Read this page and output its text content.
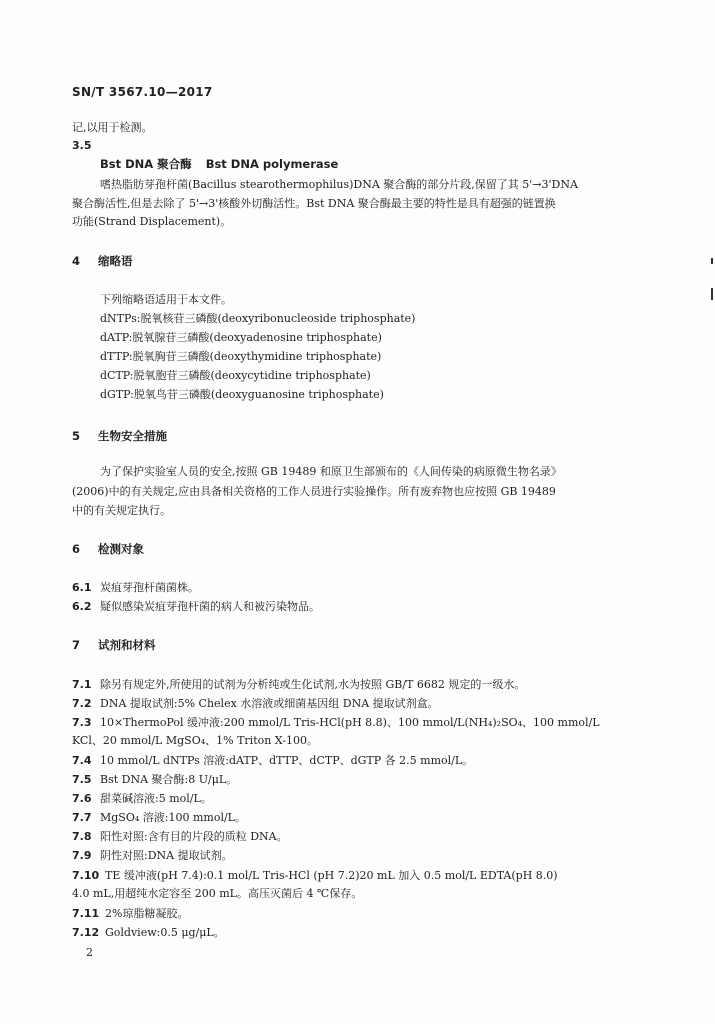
SN/T 3567.10—2017
记,以用于检测。
3.5
Bst DNA 聚合酶 Bst DNA polymerase
嗜热脂肪芽孢杆菌(Bacillus stearothermophilus)DNA 聚合酶的部分片段,保留了其 5'→3'DNA
聚合酶活性,但是去除了 5'→3'核酸外切酶活性。Bst DNA 聚合酶最主要的特性是具有超强的链置换
功能(Strand Displacement)。
4 缩略语
下列缩略语适用于本文件。
dNTPs:脱氧核苷三磷酸(deoxyribonucleoside triphosphate)
dATP:脱氧腺苷三磷酸(deoxyadenosine triphosphate)
dTTP:脱氧胸苷三磷酸(deoxythymidine triphosphate)
dCTP:脱氧胞苷三磷酸(deoxycytidine triphosphate)
dGTP:脱氧鸟苷三磷酸(deoxyguanosine triphosphate)
5 生物安全措施
为了保护实验室人员的安全,按照 GB 19489 和原卫生部颁布的《人间传染的病原微生物名录》
(2006)中的有关规定,应由具备相关资格的工作人员进行实验操作。所有废弃物也应按照 GB 19489
中的有关规定执行。
6 检测对象
6.1 炭疽芽孢杆菌菌株。
6.2 疑似感染炭疽芽孢杆菌的病人和被污染物品。
7 试剂和材料
7.1 除另有规定外,所使用的试剂为分析纯或生化试剂,水为按照 GB/T 6682 规定的一级水。
7.2 DNA 提取试剂:5% Chelex 水溶液或细菌基因组 DNA 提取试剂盒。
7.3 10×ThermoPol 缓冲液:200 mmol/L Tris-HCl(pH 8.8)、100 mmol/L(NH₄)₂SO₄、100 mmol/L
KCl、20 mmol/L MgSO₄、1% Triton X-100。
7.4 10 mmol/L dNTPs 溶液:dATP、dTTP、dCTP、dGTP 各 2.5 mmol/L。
7.5 Bst DNA 聚合酶:8 U/μL。
7.6 甜菜碱溶液:5 mol/L。
7.7 MgSO₄ 溶液:100 mmol/L。
7.8 阳性对照:含有目的片段的质粒 DNA。
7.9 阴性对照:DNA 提取试剂。
7.10 TE 缓冲液(pH 7.4):0.1 mol/L Tris-HCl (pH 7.2)20 mL 加入 0.5 mol/L EDTA(pH 8.0)
4.0 mL,用超纯水定容至 200 mL。高压灭菌后 4 ℃保存。
7.11 2%琼脂糖凝胶。
7.12 Goldview:0.5 μg/μL。
2
